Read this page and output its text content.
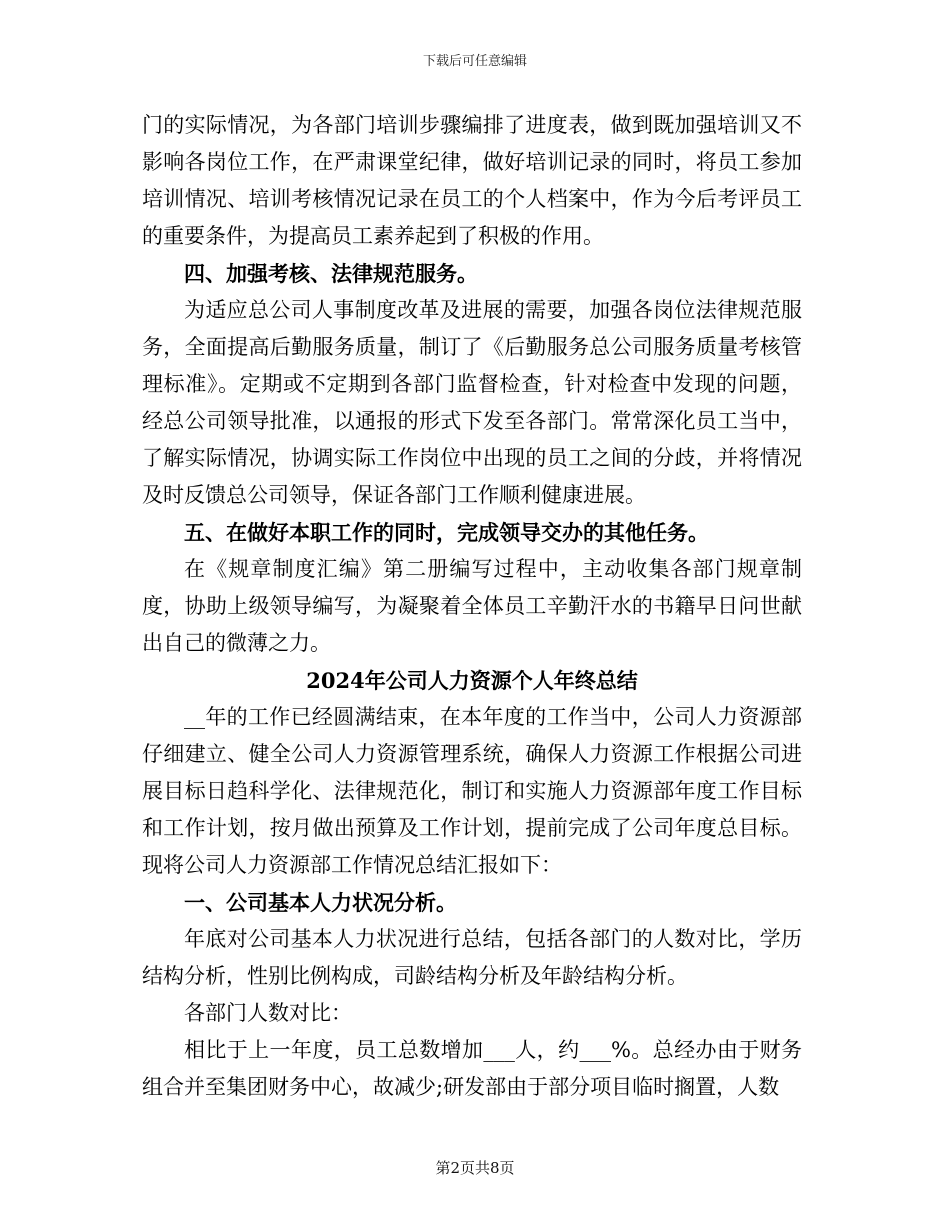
下载后可任意编辑

门的实际情况，为各部门培训步骤编排了进度表，做到既加强培训又不影响各岗位工作，在严肃课堂纪律，做好培训记录的同时，将员工参加培训情况、培训考核情况记录在员工的个人档案中，作为今后考评员工的重要条件，为提高员工素养起到了积极的作用。

四、加强考核、法律规范服务。

为适应总公司人事制度改革及进展的需要，加强各岗位法律规范服务，全面提高后勤服务质量，制订了《后勤服务总公司服务质量考核管理标准》。定期或不定期到各部门监督检查，针对检查中发现的问题，经总公司领导批准，以通报的形式下发至各部门。常常深化员工当中，了解实际情况，协调实际工作岗位中出现的员工之间的分歧，并将情况及时反馈总公司领导，保证各部门工作顺利健康进展。

五、在做好本职工作的同时，完成领导交办的其他任务。

在《规章制度汇编》第二册编写过程中，主动收集各部门规章制度，协助上级领导编写，为凝聚着全体员工辛勤汗水的书籍早日问世献出自己的微薄之力。

2024年公司人力资源个人年终总结

__年的工作已经圆满结束，在本年度的工作当中，公司人力资源部仔细建立、健全公司人力资源管理系统，确保人力资源工作根据公司进展目标日趋科学化、法律规范化，制订和实施人力资源部年度工作目标和工作计划，按月做出预算及工作计划，提前完成了公司年度总目标。现将公司人力资源部工作情况总结汇报如下：

一、公司基本人力状况分析。

年底对公司基本人力状况进行总结，包括各部门的人数对比，学历结构分析，性别比例构成，司龄结构分析及年龄结构分析。

各部门人数对比：

相比于上一年度，员工总数增加___人，约___%。总经办由于财务组合并至集团财务中心，故减少;研发部由于部分项目临时搁置，人数

第2页共8页
